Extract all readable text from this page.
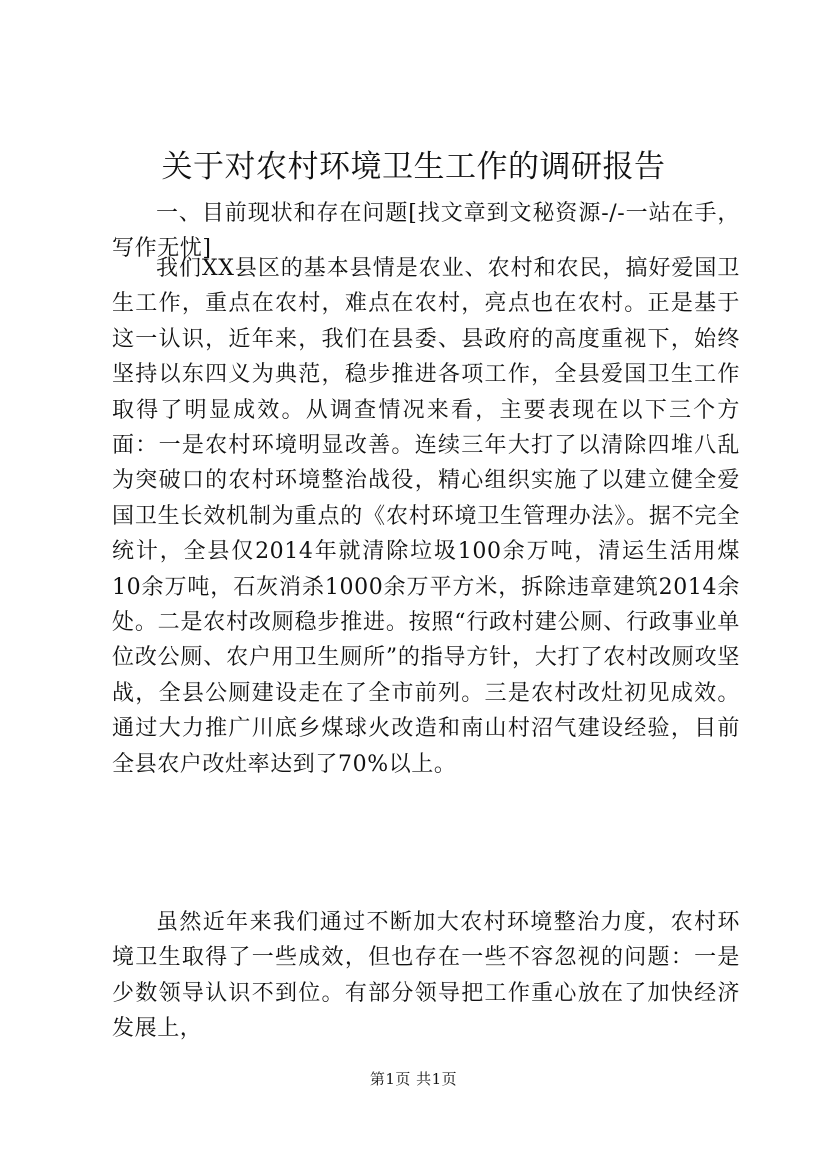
关于对农村环境卫生工作的调研报告

一、目前现状和存在问题[找文章到文秘资源-/-一站在手，写作无忧]

我们XX县区的基本县情是农业、农村和农民，搞好爱国卫生工作，重点在农村，难点在农村，亮点也在农村。正是基于这一认识，近年来，我们在县委、县政府的高度重视下，始终坚持以东四义为典范，稳步推进各项工作，全县爱国卫生工作取得了明显成效。从调查情况来看，主要表现在以下三个方面：一是农村环境明显改善。连续三年大打了以清除四堆八乱为突破口的农村环境整治战役，精心组织实施了以建立健全爱国卫生长效机制为重点的《农村环境卫生管理办法》。据不完全统计，全县仅2014年就清除垃圾100余万吨，清运生活用煤10余万吨，石灰消杀1000余万平方米，拆除违章建筑2014余处。二是农村改厕稳步推进。按照“行政村建公厕、行政事业单位改公厕、农户用卫生厕所”的指导方针，大打了农村改厕攻坚战，全县公厕建设走在了全市前列。三是农村改灶初见成效。通过大力推广川底乡煤球火改造和南山村沼气建设经验，目前全县农户改灶率达到了70%以上。

虽然近年来我们通过不断加大农村环境整治力度，农村环境卫生取得了一些成效，但也存在一些不容忽视的问题：一是少数领导认识不到位。有部分领导把工作重心放在了加快经济发展上，

第1页 共1页
